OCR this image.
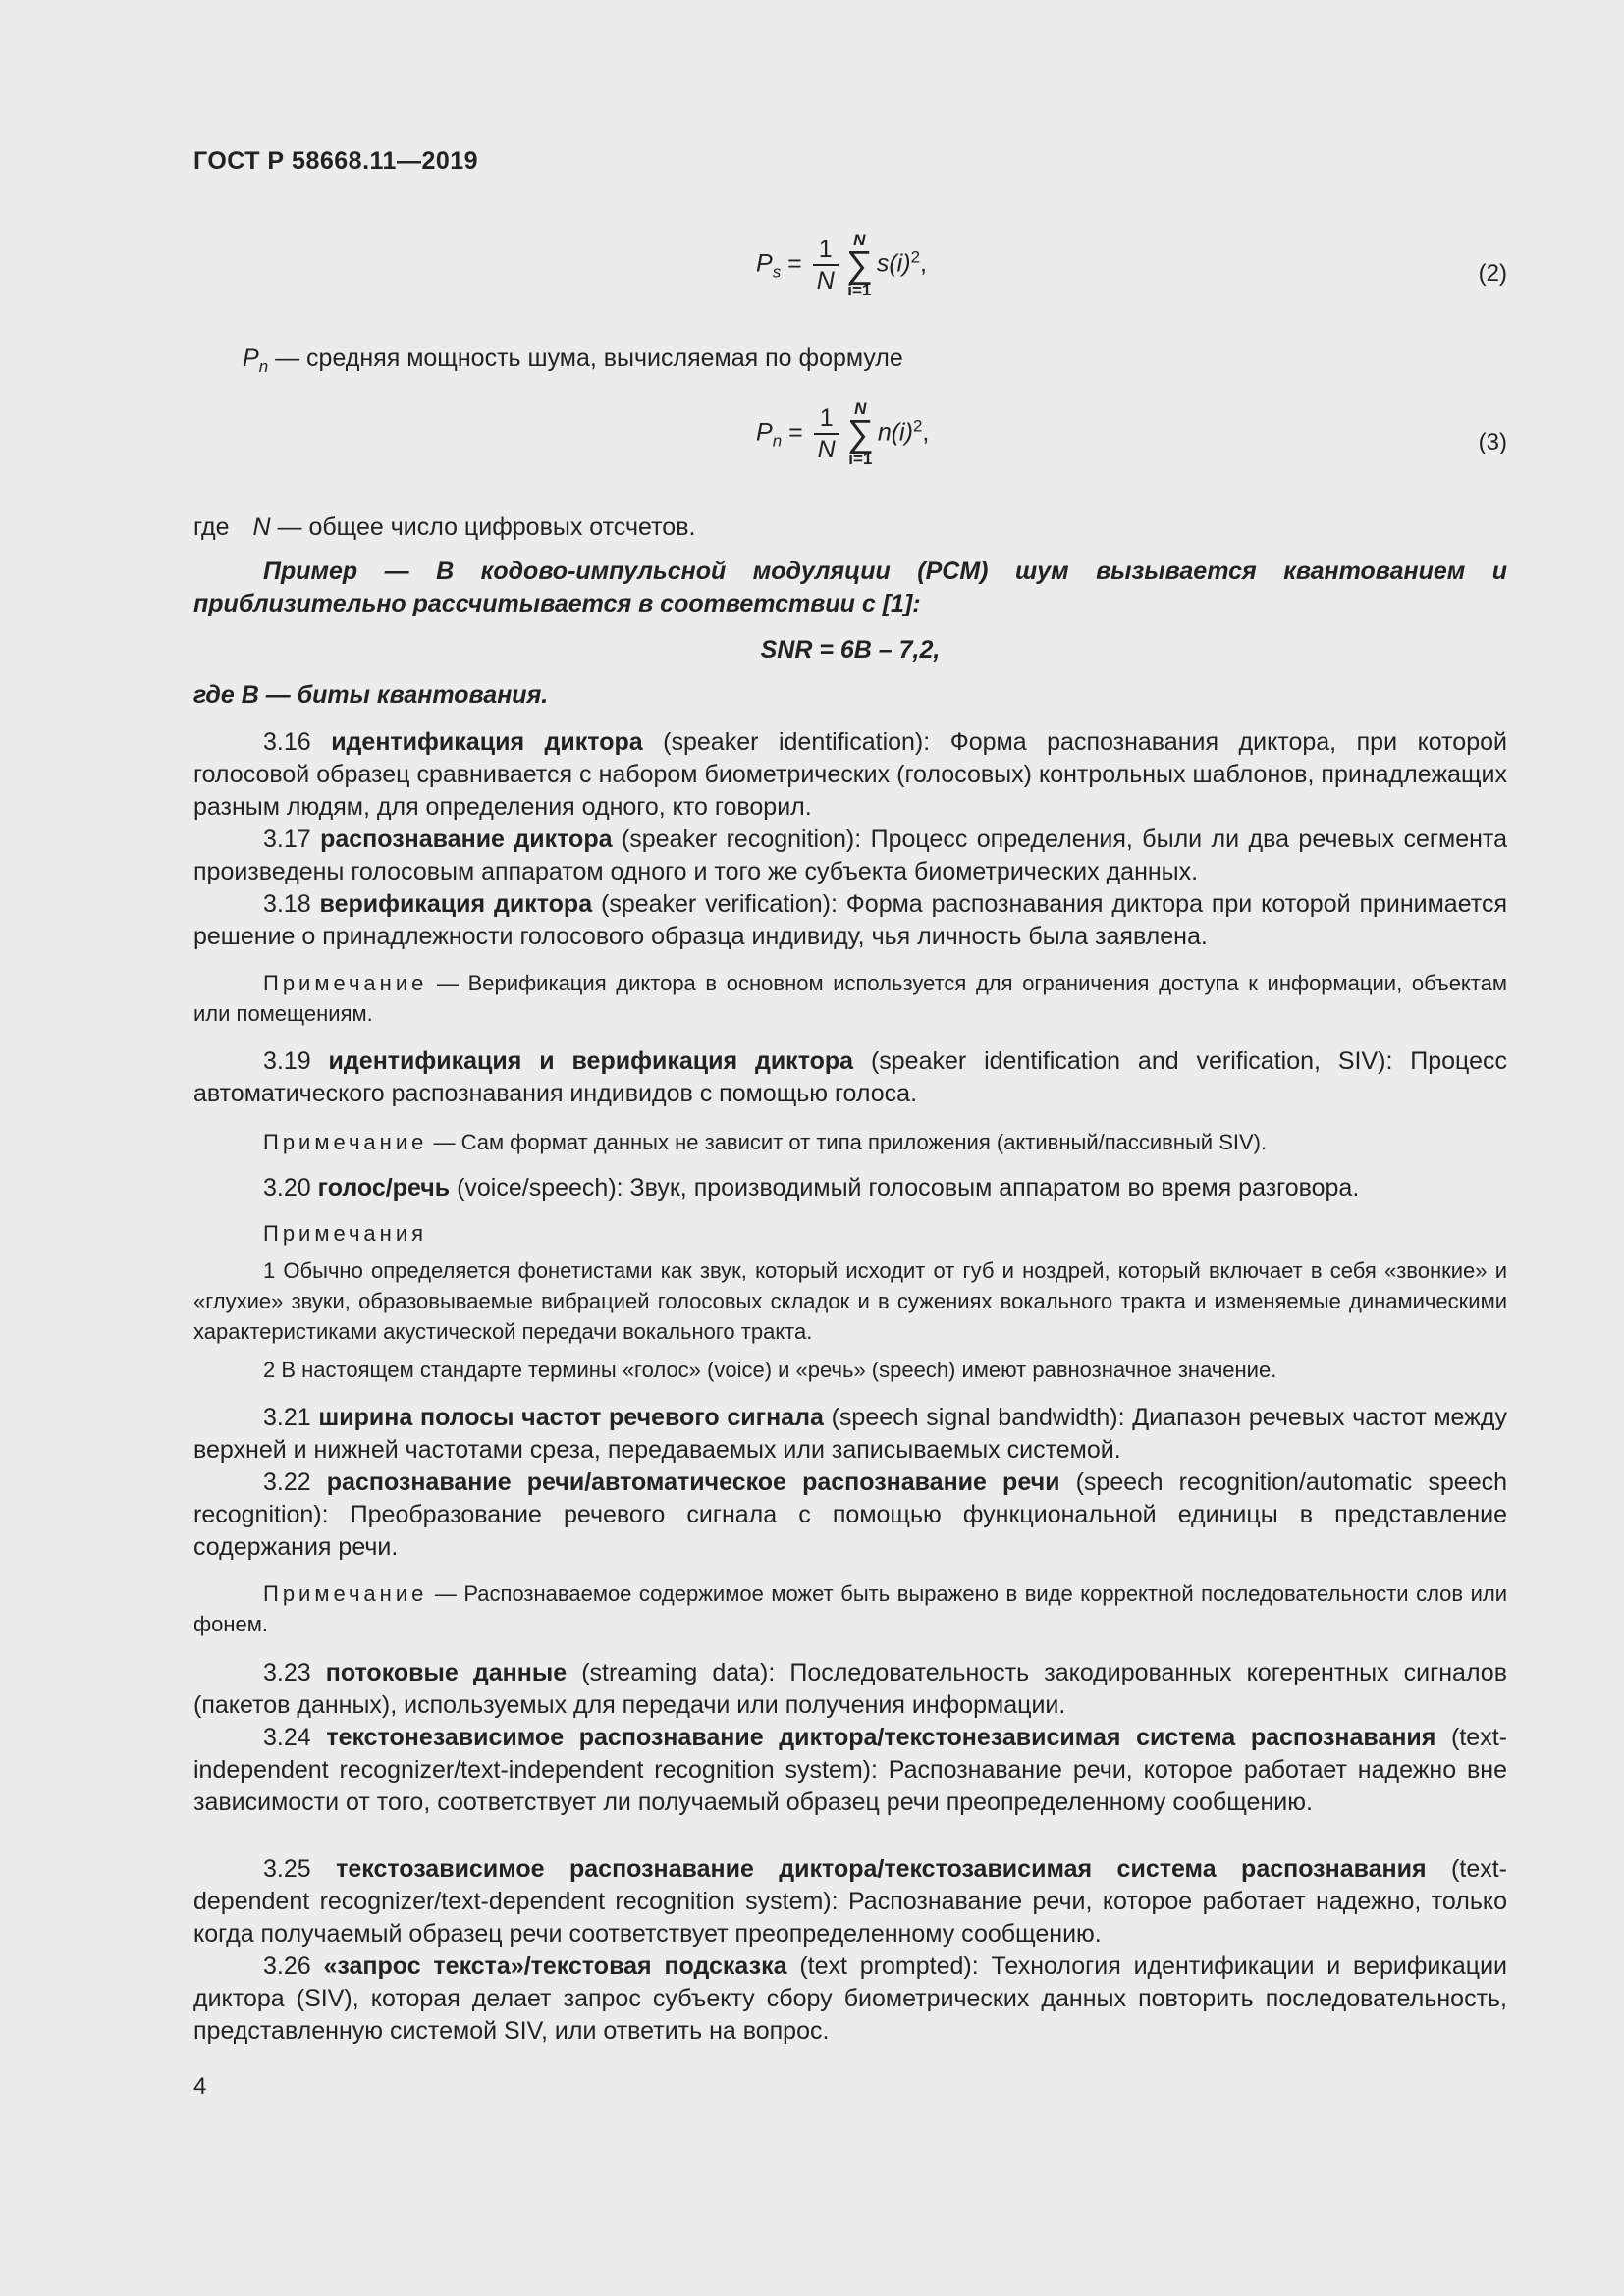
ГОСТ Р 58668.11—2019
$P_s = \frac{1}{N}$ N
∑
i=1
$s(i)^2$,	(2)
$P_n$ — средняя мощность шума, вычисляемая по формуле
$P_n = \frac{1}{N}$ N
∑
i=1
$n(i)^2$,	(3)
где N — общее число цифровых отсчетов.
Пример — В кодово-импульсной модуляции (PCM) шум вызывается квантованием и приблизительно рассчитывается в соответствии с [1]:
SNR = 6B – 7,2,
где B — биты квантования.
3.16 идентификация диктора (speaker identification): Форма распознавания диктора, при которой голосовой образец сравнивается с набором биометрических (голосовых) контрольных шаблонов, принадлежащих разным людям, для определения одного, кто говорил.
3.17 распознавание диктора (speaker recognition): Процесс определения, были ли два речевых сегмента произведены голосовым аппаратом одного и того же субъекта биометрических данных.
3.18 верификация диктора (speaker verification): Форма распознавания диктора при которой принимается решение о принадлежности голосового образца индивиду, чья личность была заявлена.
Примечание — Верификация диктора в основном используется для ограничения доступа к информации, объектам или помещениям.
3.19 идентификация и верификация диктора (speaker identification and verification, SIV): Процесс автоматического распознавания индивидов с помощью голоса.
Примечание — Сам формат данных не зависит от типа приложения (активный/пассивный SIV).
3.20 голос/речь (voice/speech): Звук, производимый голосовым аппаратом во время разговора.
Примечания
1 Обычно определяется фонетистами как звук, который исходит от губ и ноздрей, который включает в себя «звонкие» и «глухие» звуки, образовываемые вибрацией голосовых складок и в сужениях вокального тракта и изменяемые динамическими характеристиками акустической передачи вокального тракта.
2 В настоящем стандарте термины «голос» (voice) и «речь» (speech) имеют равнозначное значение.
3.21 ширина полосы частот речевого сигнала (speech signal bandwidth): Диапазон речевых частот между верхней и нижней частотами среза, передаваемых или записываемых системой.
3.22 распознавание речи/автоматическое распознавание речи (speech recognition/automatic speech recognition): Преобразование речевого сигнала с помощью функциональной единицы в представление содержания речи.
Примечание — Распознаваемое содержимое может быть выражено в виде корректной последовательности слов или фонем.
3.23 потоковые данные (streaming data): Последовательность закодированных когерентных сигналов (пакетов данных), используемых для передачи или получения информации.
3.24 текстонезависимое распознавание диктора/текстонезависимая система распознавания (text-independent recognizer/text-independent recognition system): Распознавание речи, которое работает надежно вне зависимости от того, соответствует ли получаемый образец речи преопределенному сообщению.
3.25 текстозависимое распознавание диктора/текстозависимая система распознавания (text-dependent recognizer/text-dependent recognition system): Распознавание речи, которое работает надежно, только когда получаемый образец речи соответствует преопределенному сообщению.
3.26 «запрос текста»/текстовая подсказка (text prompted): Технология идентификации и верификации диктора (SIV), которая делает запрос субъекту сбору биометрических данных повторить последовательность, представленную системой SIV, или ответить на вопрос.
4
